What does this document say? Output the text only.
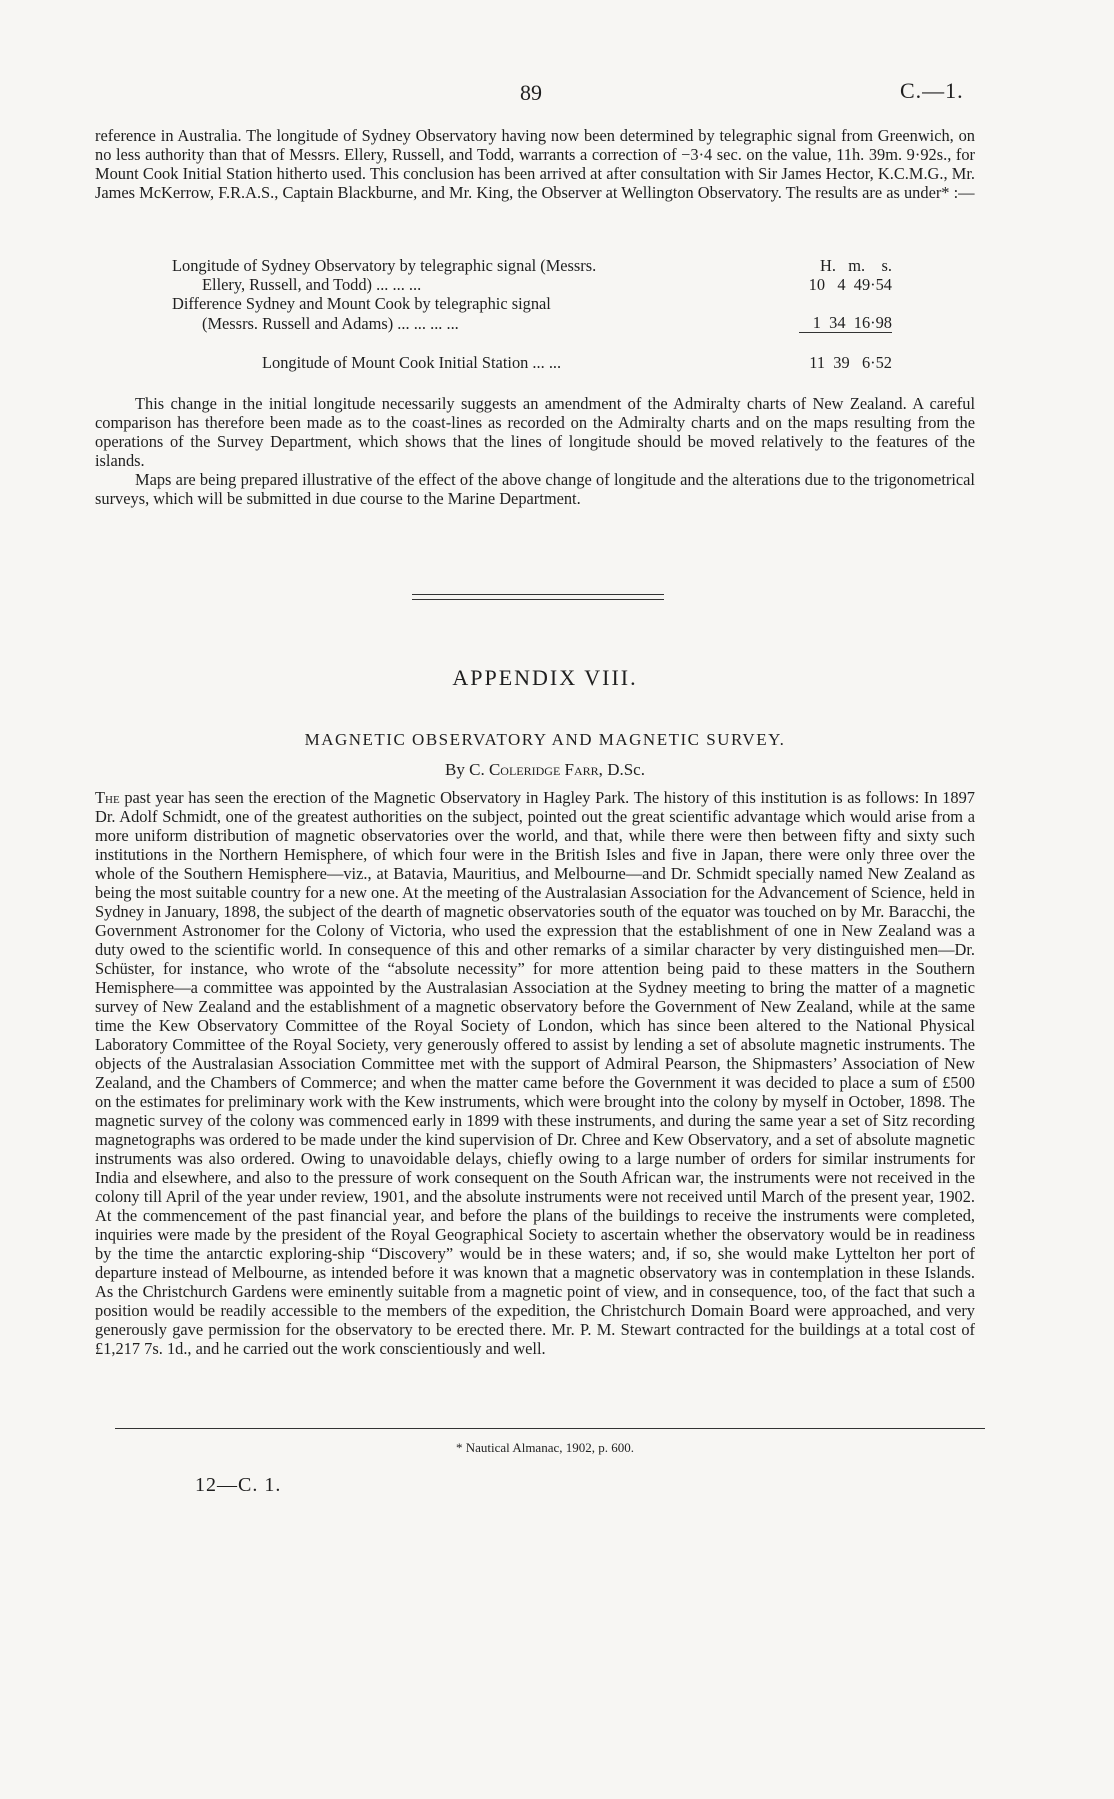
89	C.—1.

reference in Australia. The longitude of Sydney Observatory having now been determined by telegraphic signal from Greenwich, on no less authority than that of Messrs. Ellery, Russell, and Todd, warrants a correction of −3·4 sec. on the value, 11h. 39m. 9·92s., for Mount Cook Initial Station hitherto used. This conclusion has been arrived at after consultation with Sir James Hector, K.C.M.G., Mr. James McKerrow, F.R.A.S., Captain Blackburne, and Mr. King, the Observer at Wellington Observatory. The results are as under* :—

Longitude of Sydney Observatory by telegraphic signal (Messrs.	H.   m.    s.
Ellery, Russell, and Todd) ... ... ...	10   4  49·54
Difference Sydney and Mount Cook by telegraphic signal	
(Messrs. Russell and Adams) ... ... ... ...	1  34  16·98
Longitude of Mount Cook Initial Station ... ...	11  39   6·52

This change in the initial longitude necessarily suggests an amendment of the Admiralty charts of New Zealand. A careful comparison has therefore been made as to the coast-lines as recorded on the Admiralty charts and on the maps resulting from the operations of the Survey Department, which shows that the lines of longitude should be moved relatively to the features of the islands.

Maps are being prepared illustrative of the effect of the above change of longitude and the alterations due to the trigonometrical surveys, which will be submitted in due course to the Marine Department.

APPENDIX VIII.
MAGNETIC OBSERVATORY AND MAGNETIC SURVEY.
By C. Coleridge Farr, D.Sc.

The past year has seen the erection of the Magnetic Observatory in Hagley Park. The history of this institution is as follows: In 1897 Dr. Adolf Schmidt, one of the greatest authorities on the subject, pointed out the great scientific advantage which would arise from a more uniform distribution of magnetic observatories over the world, and that, while there were then between fifty and sixty such institutions in the Northern Hemisphere, of which four were in the British Isles and five in Japan, there were only three over the whole of the Southern Hemisphere—viz., at Batavia, Mauritius, and Melbourne—and Dr. Schmidt specially named New Zealand as being the most suitable country for a new one. At the meeting of the Australasian Association for the Advancement of Science, held in Sydney in January, 1898, the subject of the dearth of magnetic observatories south of the equator was touched on by Mr. Baracchi, the Government Astronomer for the Colony of Victoria, who used the expression that the establishment of one in New Zealand was a duty owed to the scientific world. In consequence of this and other remarks of a similar character by very distinguished men—Dr. Schüster, for instance, who wrote of the “absolute necessity” for more attention being paid to these matters in the Southern Hemisphere—a committee was appointed by the Australasian Association at the Sydney meeting to bring the matter of a magnetic survey of New Zealand and the establishment of a magnetic observatory before the Government of New Zealand, while at the same time the Kew Observatory Committee of the Royal Society of London, which has since been altered to the National Physical Laboratory Committee of the Royal Society, very generously offered to assist by lending a set of absolute magnetic instruments. The objects of the Australasian Association Committee met with the support of Admiral Pearson, the Shipmasters’ Association of New Zealand, and the Chambers of Commerce; and when the matter came before the Government it was decided to place a sum of £500 on the estimates for preliminary work with the Kew instruments, which were brought into the colony by myself in October, 1898. The magnetic survey of the colony was commenced early in 1899 with these instruments, and during the same year a set of Sitz recording magnetographs was ordered to be made under the kind supervision of Dr. Chree and Kew Observatory, and a set of absolute magnetic instruments was also ordered. Owing to unavoidable delays, chiefly owing to a large number of orders for similar instruments for India and elsewhere, and also to the pressure of work consequent on the South African war, the instruments were not received in the colony till April of the year under review, 1901, and the absolute instruments were not received until March of the present year, 1902. At the commencement of the past financial year, and before the plans of the buildings to receive the instruments were completed, inquiries were made by the president of the Royal Geographical Society to ascertain whether the observatory would be in readiness by the time the antarctic exploring-ship “Discovery” would be in these waters; and, if so, she would make Lyttelton her port of departure instead of Melbourne, as intended before it was known that a magnetic observatory was in contemplation in these Islands. As the Christchurch Gardens were eminently suitable from a magnetic point of view, and in consequence, too, of the fact that such a position would be readily accessible to the members of the expedition, the Christchurch Domain Board were approached, and very generously gave permission for the observatory to be erected there. Mr. P. M. Stewart contracted for the buildings at a total cost of £1,217 7s. 1d., and he carried out the work conscientiously and well.

* Nautical Almanac, 1902, p. 600.
12—C. 1.
